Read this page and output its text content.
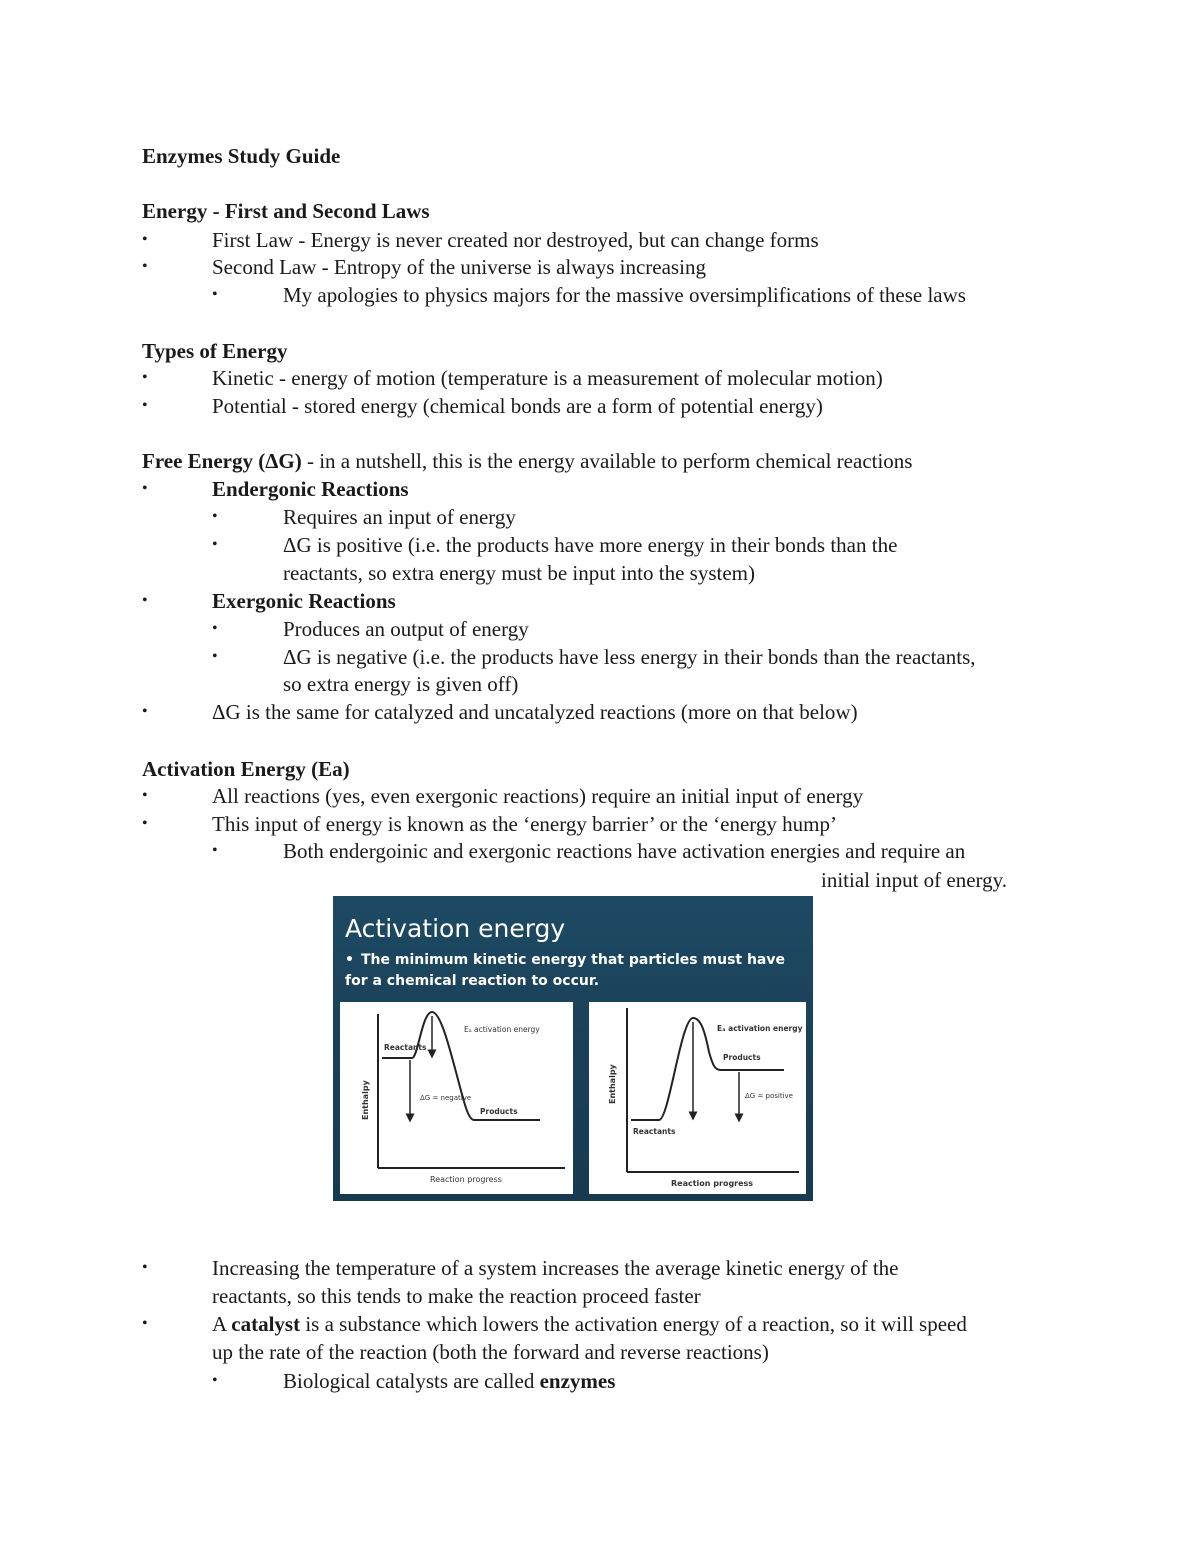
Enzymes Study Guide
Energy - First and Second Laws
•	First Law - Energy is never created nor destroyed, but can change forms
•	Second Law - Entropy of the universe is always increasing
•	My apologies to physics majors for the massive oversimplifications of these laws
Types of Energy
•	Kinetic - energy of motion (temperature is a measurement of molecular motion)
•	Potential - stored energy (chemical bonds are a form of potential energy)
Free Energy (ΔG) - in a nutshell, this is the energy available to perform chemical reactions
•	Endergonic Reactions
•	Requires an input of energy
•	ΔG is positive (i.e. the products have more energy in their bonds than the
reactants, so extra energy must be input into the system)
•	Exergonic Reactions
•	Produces an output of energy
•	ΔG is negative (i.e. the products have less energy in their bonds than the reactants,
so extra energy is given off)
•	ΔG is the same for catalyzed and uncatalyzed reactions (more on that below)
Activation Energy (Ea)
•	All reactions (yes, even exergonic reactions) require an initial input of energy
•	This input of energy is known as the ‘energy barrier’ or the ‘energy hump’
•	Both endergoinic and exergonic reactions have activation energies and require an
initial input of energy.
Activation energy
• The minimum kinetic energy that particles must have for a chemical reaction to occur.
Eₐ activation energy
Reactants
ΔG = negative
Products
Enthalpy
Reaction progress
Eₐ activation energy
Products
ΔG = positive
Reactants
Enthalpy
Reaction progress
•	Increasing the temperature of a system increases the average kinetic energy of the
reactants, so this tends to make the reaction proceed faster
•	A catalyst is a substance which lowers the activation energy of a reaction, so it will speed
up the rate of the reaction (both the forward and reverse reactions)
•	Biological catalysts are called enzymes
